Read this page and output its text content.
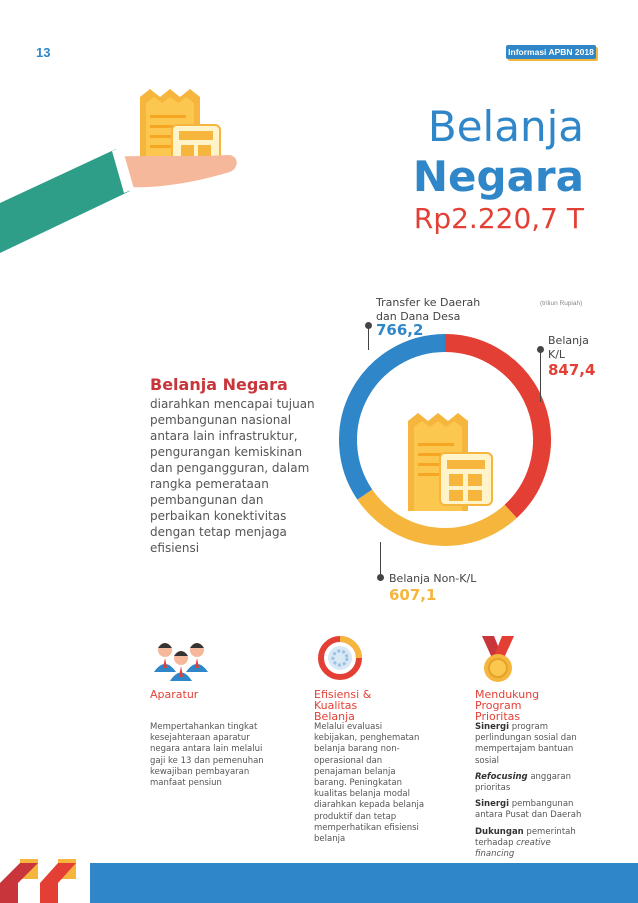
13	Informasi APBN 2018
Belanja
Negara
Rp2.220,7 T
(triliun Rupiah)
Transfer ke Daerah
dan Dana Desa
766,2
Belanja
K/L
847,4
Belanja Non-K/L
607,1
Belanja Negara
diarahkan mencapai tujuan pembangunan nasional antara lain infrastruktur, pengurangan kemiskinan dan pengangguran, dalam rangka pemerataan pembangunan dan perbaikan konektivitas dengan tetap menjaga efisiensi
Aparatur
Mempertahankan tingkat kesejahteraan aparatur negara antara lain melalui gaji ke 13 dan pemenuhan kewajiban pembayaran manfaat pensiun
Efisiensi & Kualitas Belanja
Melalui evaluasi kebijakan, penghematan belanja barang non-operasional dan penajaman belanja barang. Peningkatan kualitas belanja modal diarahkan kepada belanja produktif dan tetap memperhatikan efisiensi belanja
Mendukung Program Prioritas

Sinergi program perlindungan sosial dan mempertajam bantuan sosial

Refocusing anggaran prioritas

Sinergi pembangunan antara Pusat dan Daerah

Dukungan pemerintah terhadap creative financing
